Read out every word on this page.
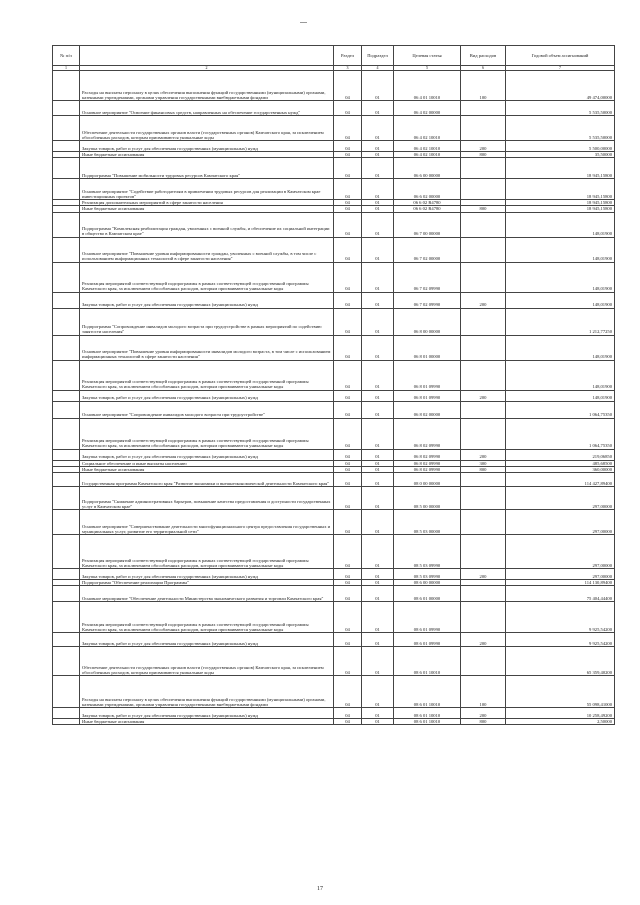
№ п/п		Раздел	Подраздел	Целевая статья	Вид расходов	Годовой объем ассигнований
1	2	3	4	5	6	7
	Расходы на выплаты персоналу в целях обеспечения выполнения функций государственными (муниципальными) органами, казенными учреждениями, органами управления государственными внебюджетными фондами	04	01	06 4 01 10010	100	49 474,00000
	Основное мероприятие "Освоение финансовых средств, направленных на обеспечение государственных нужд"	04	01	06 4 02 00000		5 535,50000
	Обеспечение деятельности государственных органов власти (государственных органов) Камчатского края, за исключением обособленных расходов, которым присваиваются уникальные коды	04	01	06 4 02 10010		5 535,50000
	Закупка товаров, работ и услуг для обеспечения государственных (муниципальных) нужд	04	01	06 4 02 10010	200	5 500,00000
	Иные бюджетные ассигнования	04	01	06 4 02 10010	800	35,50000
	Подпрограмма "Повышение мобильности трудовых ресурсов Камчатского края"	04	01	06 6 00 00000		18 945,15800
	Основное мероприятие "Содействие работодателям в привлечении трудовых ресурсов для реализации в Камчатском крае инвестиционных проектов"	04	01	06 6 02 00000		18 945,15800
	Реализация дополнительных мероприятий в сфере занятости населения	04	01	06 6 02 R4780		18 945,15800
	Иные бюджетные ассигнования	04	01	06 6 02 R4780	800	18 945,15800
	Подпрограмма "Комплексная реабилитация граждан, уволенных с военной службы, и обеспечение их социальной интеграции в общество в Камчатском крае"	04	01	06 7 00 00000		148,01900
	Основное мероприятие "Повышение уровня информированности граждан, уволенных с военной службы, в том числе с использованием информационных технологий в сфере занятости населения"	04	01	06 7 02 00000		148,01900
	Реализация мероприятий соответствующей подпрограммы в рамках соответствующей государственной программы Камчатского края, за исключением обособленных расходов, которым присваиваются уникальные коды	04	01	06 7 02 09990		148,01900
	Закупка товаров, работ и услуг для обеспечения государственных (муниципальных) нужд	04	01	06 7 02 09990	200	148,01900
	Подпрограмма "Сопровождение инвалидов молодого возраста при трудоустройстве в рамках мероприятий по содействию занятости населения"	04	01	06 8 00 00000		1 212,77250
	Основное мероприятие "Повышение уровня информированности инвалидов молодого возраста, в том числе с использованием информационных технологий в сфере занятости населения"	04	01	06 8 01 00000		148,01900
	Реализация мероприятий соответствующей подпрограммы в рамках соответствующей государственной программы Камчатского края, за исключением обособленных расходов, которым присваиваются уникальные коды	04	01	06 8 01 09990		148,01900
	Закупка товаров, работ и услуг для обеспечения государственных (муниципальных) нужд	04	01	06 8 01 09990	200	148,01900
	Основное мероприятие "Сопровождение инвалидов молодого возраста при трудоустройстве"	04	01	06 8 02 00000		1 064,75350
	Реализация мероприятий соответствующей подпрограммы в рамках соответствующей государственной программы Камчатского края, за исключением обособленных расходов, которым присваиваются уникальные коды	04	01	06 8 02 09990		1 064,75350
	Закупка товаров, работ и услуг для обеспечения государственных (муниципальных) нужд	04	01	06 8 02 09990	200	219,06850
	Социальное обеспечение и иные выплаты населению	04	01	06 8 02 09990	300	485,68500
	Иные бюджетные ассигнования	04	01	06 8 02 09990	800	360,00000
	Государственная программа Камчатского края "Развитие экономики и внешнеэкономической деятельности Камчатского края"	04	01	08 0 00 00000		114 427,89400
	Подпрограмма "Снижение административных барьеров, повышение качества предоставления и доступности государственных услуг в Камчатском крае"	04	01	08 5 00 00000		297,00000
	Основное мероприятие "Совершенствование деятельности многофункционального центра предоставления государственных и муниципальных услуг, развитие его территориальной сети"	04	01	08 5 03 00000		297,00000
	Реализация мероприятий соответствующей подпрограммы в рамках соответствующей государственной программы Камчатского края, за исключением обособленных расходов, которым присваиваются уникальные коды	04	01	08 5 03 09990		297,00000
	Закупка товаров, работ и услуг для обеспечения государственных (муниципальных) нужд	04	01	08 5 03 09990	200	297,00000
	Подпрограмма "Обеспечение реализации Программы"	04	01	08 6 00 00000		114 130,89400
	Основное мероприятие "Обеспечение деятельности Министерства экономического развития и торговли Камчатского края"	04	01	08 6 01 00000		75 404,44400
	Реализация мероприятий соответствующей подпрограммы в рамках соответствующей государственной программы Камчатского края, за исключением обособленных расходов, которым присваиваются уникальные коды	04	01	08 6 01 09990		9 925,54200
	Закупка товаров, работ и услуг для обеспечения государственных (муниципальных) нужд	04	01	08 6 01 09990	200	9 925,54200
	Обеспечение деятельности государственных органов власти (государственных органов) Камчатского края, за исключением обособленных расходов, которым присваиваются уникальные коды	04	01	08 6 01 10010		65 359,40200
	Расходы на выплаты персоналу в целях обеспечения выполнения функций государственными (муниципальными) органами, казенными учреждениями, органами управления государственными внебюджетными фондами	04	01	08 6 01 10010	100	55 098,41000
	Закупка товаров, работ и услуг для обеспечения государственных (муниципальных) нужд	04	01	08 6 01 10010	200	10 258,49200
	Иные бюджетные ассигнования	04	01	08 6 01 10010	800	2,50000
17
